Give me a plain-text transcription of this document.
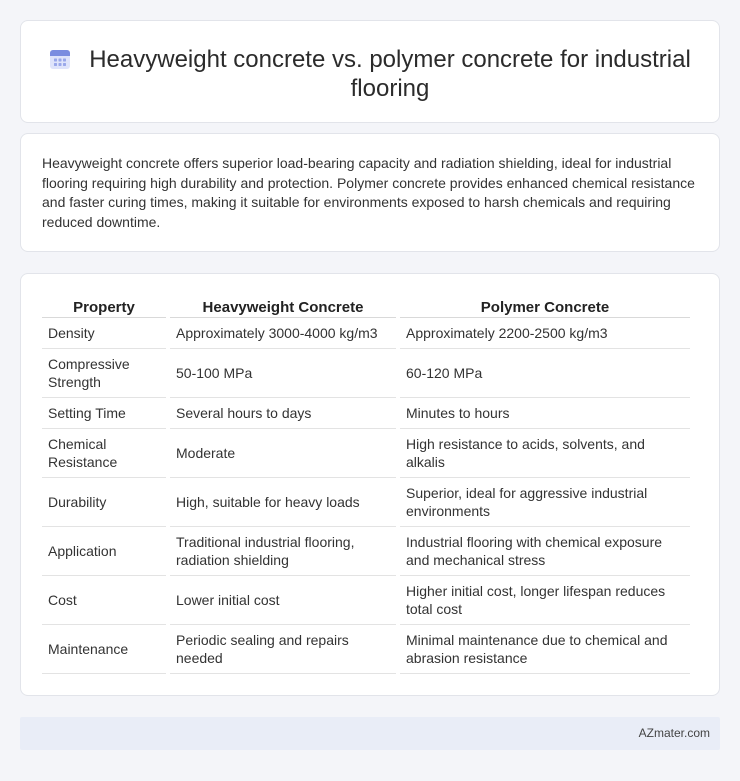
Heavyweight concrete vs. polymer concrete for industrial flooring

Heavyweight concrete offers superior load-bearing capacity and radiation shielding, ideal for industrial flooring requiring high durability and protection. Polymer concrete provides enhanced chemical resistance and faster curing times, making it suitable for environments exposed to harsh chemicals and requiring reduced downtime.

Property	Heavyweight Concrete	Polymer Concrete
Density	Approximately 3000-4000 kg/m3	Approximately 2200-2500 kg/m3
Compressive Strength	50-100 MPa	60-120 MPa
Setting Time	Several hours to days	Minutes to hours
Chemical Resistance	Moderate	High resistance to acids, solvents, and alkalis
Durability	High, suitable for heavy loads	Superior, ideal for aggressive industrial environments
Application	Traditional industrial flooring, radiation shielding	Industrial flooring with chemical exposure and mechanical stress
Cost	Lower initial cost	Higher initial cost, longer lifespan reduces total cost
Maintenance	Periodic sealing and repairs needed	Minimal maintenance due to chemical and abrasion resistance
AZmater.com
